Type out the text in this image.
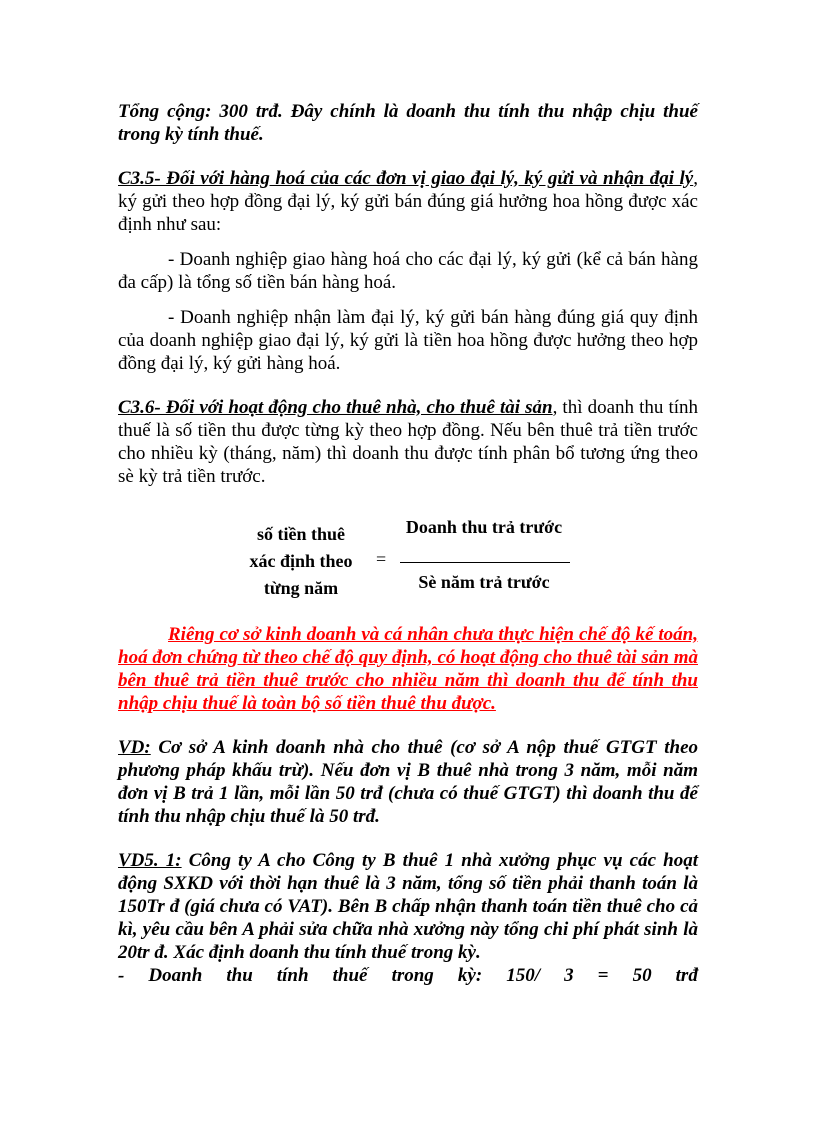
Tổng cộng: 300 trđ. Đây chính là doanh thu tính thu nhập chịu thuế trong kỳ tính thuế.

C3.5- Đối với hàng hoá của các đơn vị giao đại lý, ký gửi và nhận đại lý, ký gửi theo hợp đồng đại lý, ký gửi bán đúng giá hưởng hoa hồng được xác định như sau:

- Doanh nghiệp giao hàng hoá cho các đại lý, ký gửi (kể cả bán hàng đa cấp) là tổng số tiền bán hàng hoá.

- Doanh nghiệp nhận làm đại lý, ký gửi bán hàng đúng giá quy định của doanh nghiệp giao đại lý, ký gửi là tiền hoa hồng được hưởng theo hợp đồng đại lý, ký gửi hàng hoá.

C3.6- Đối với hoạt động cho thuê nhà, cho thuê tài sản, thì doanh thu tính thuế là số tiền thu được từng kỳ theo hợp đồng. Nếu bên thuê trả tiền trước cho nhiều kỳ (tháng, năm) thì doanh thu được tính phân bổ tương ứng theo sè kỳ trả tiền trước.

số tiền thuê xác định theo từng năm
=
Doanh thu trả trước
Sè năm trả trước

Riêng cơ sở kinh doanh và cá nhân chưa thực hiện chế độ kế toán, hoá đơn chứng từ theo chế độ quy định, có hoạt động cho thuê tài sản mà bên thuê trả tiền thuê trước cho nhiều năm thì doanh thu để tính thu nhập chịu thuế là toàn bộ số tiền thuê thu được.

VD: Cơ sở A kinh doanh nhà cho thuê (cơ sở A nộp thuế GTGT theo phương pháp khấu trừ). Nếu đơn vị B thuê nhà trong 3 năm, mỗi năm đơn vị B trả 1 lần, mỗi lần 50 trđ (chưa có thuế GTGT) thì doanh thu để tính thu nhập chịu thuế là 50 trđ.

VD5. 1: Công ty A cho Công ty B thuê 1 nhà xưởng phục vụ các hoạt động SXKD với thời hạn thuê là 3 năm, tổng số tiền phải thanh toán là 150Tr đ (giá chưa có VAT). Bên B chấp nhận thanh toán tiền thuê cho cả kì, yêu cầu bên A phải sửa chữa nhà xưởng này tổng chi phí phát sinh là 20tr đ. Xác định doanh thu tính thuế trong kỳ.

- Doanh thu tính thuế trong kỳ: 150/ 3 = 50 trđ
